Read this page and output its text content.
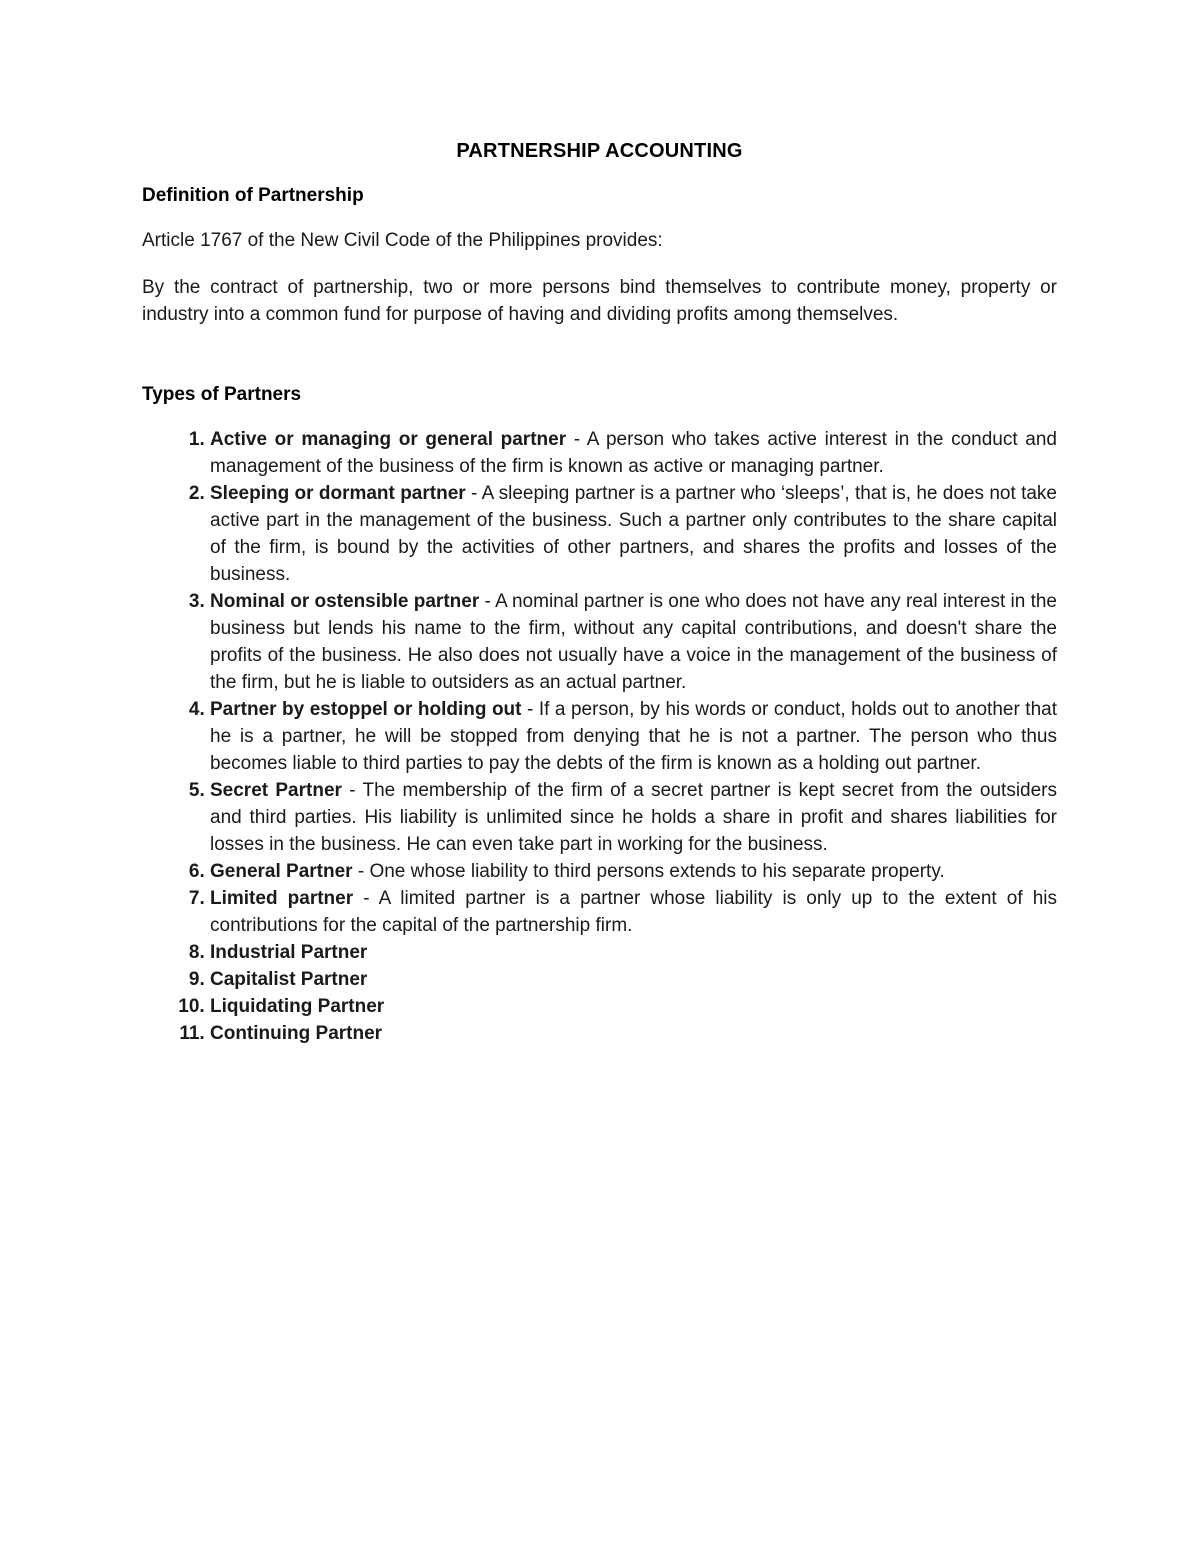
PARTNERSHIP ACCOUNTING
Definition of Partnership

Article 1767 of the New Civil Code of the Philippines provides:

By the contract of partnership, two or more persons bind themselves to contribute money, property or industry into a common fund for purpose of having and dividing profits among themselves.

Types of Partners
1. Active or managing or general partner - A person who takes active interest in the conduct and management of the business of the firm is known as active or managing partner.
2. Sleeping or dormant partner - A sleeping partner is a partner who ‘sleeps’, that is, he does not take active part in the management of the business. Such a partner only contributes to the share capital of the firm, is bound by the activities of other partners, and shares the profits and losses of the business.
3. Nominal or ostensible partner - A nominal partner is one who does not have any real interest in the business but lends his name to the firm, without any capital contributions, and doesn't share the profits of the business. He also does not usually have a voice in the management of the business of the firm, but he is liable to outsiders as an actual partner.
4. Partner by estoppel or holding out - If a person, by his words or conduct, holds out to another that he is a partner, he will be stopped from denying that he is not a partner. The person who thus becomes liable to third parties to pay the debts of the firm is known as a holding out partner.
5. Secret Partner - The membership of the firm of a secret partner is kept secret from the outsiders and third parties. His liability is unlimited since he holds a share in profit and shares liabilities for losses in the business. He can even take part in working for the business.
6. General Partner - One whose liability to third persons extends to his separate property.
7. Limited partner - A limited partner is a partner whose liability is only up to the extent of his contributions for the capital of the partnership firm.
8. Industrial Partner
9. Capitalist Partner
10. Liquidating Partner
11. Continuing Partner
